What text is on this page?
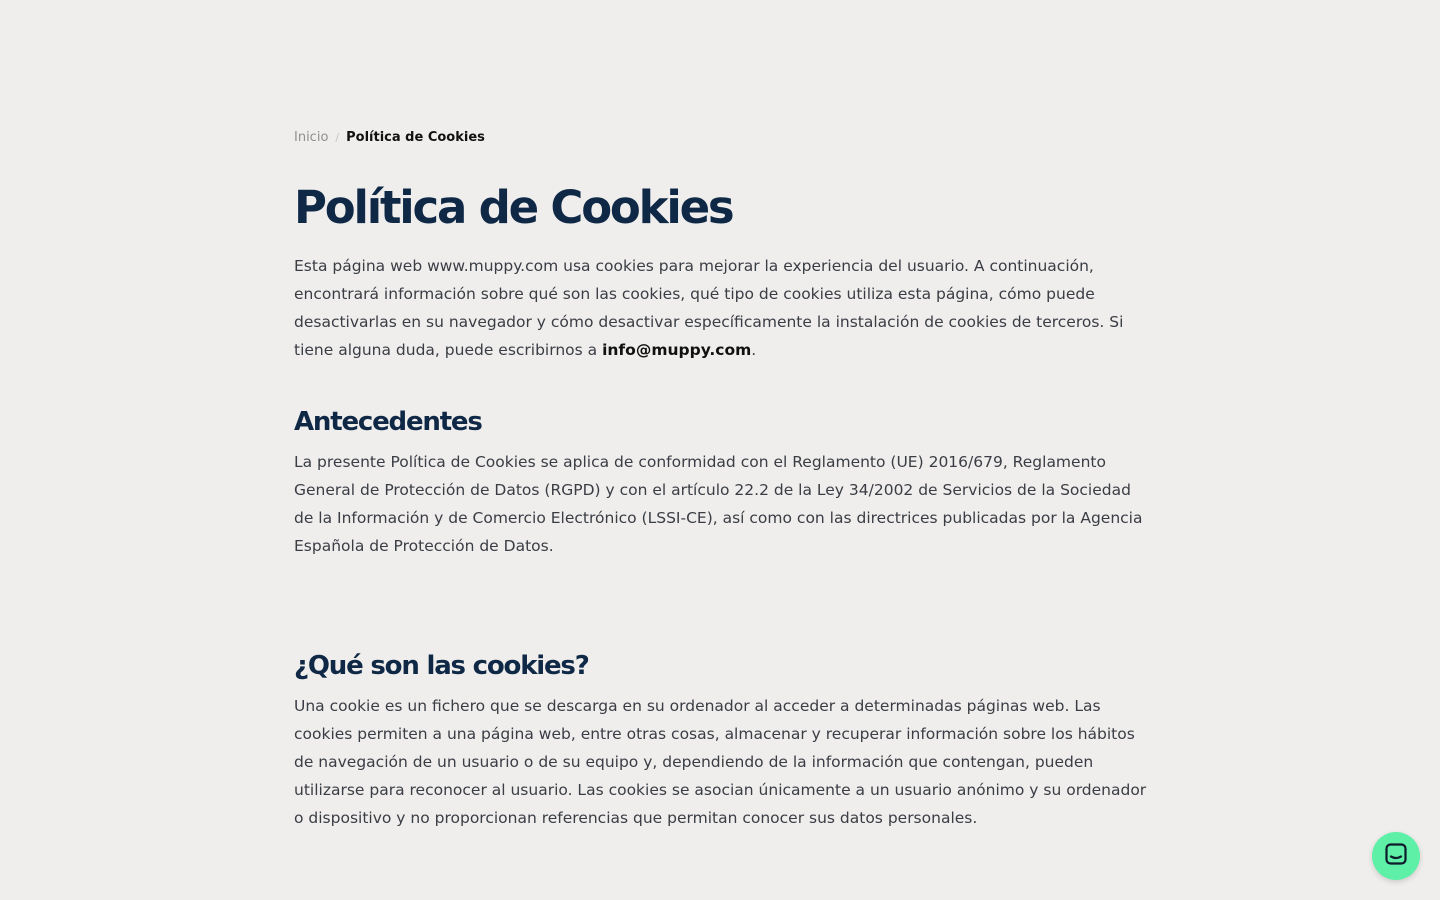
Inicio / Política de Cookies
Política de Cookies

Esta página web www.muppy.com usa cookies para mejorar la experiencia del usuario. A continuación, encontrará información sobre qué son las cookies, qué tipo de cookies utiliza esta página, cómo puede desactivarlas en su navegador y cómo desactivar específicamente la instalación de cookies de terceros. Si tiene alguna duda, puede escribirnos a info@muppy.com.

Antecedentes

La presente Política de Cookies se aplica de conformidad con el Reglamento (UE) 2016/679, Reglamento General de Protección de Datos (RGPD) y con el artículo 22.2 de la Ley 34/2002 de Servicios de la Sociedad de la Información y de Comercio Electrónico (LSSI-CE), así como con las directrices publicadas por la Agencia Española de Protección de Datos.

¿Qué son las cookies?

Una cookie es un fichero que se descarga en su ordenador al acceder a determinadas páginas web. Las cookies permiten a una página web, entre otras cosas, almacenar y recuperar información sobre los hábitos de navegación de un usuario o de su equipo y, dependiendo de la información que contengan, pueden utilizarse para reconocer al usuario. Las cookies se asocian únicamente a un usuario anónimo y su ordenador o dispositivo y no proporcionan referencias que permitan conocer sus datos personales.
